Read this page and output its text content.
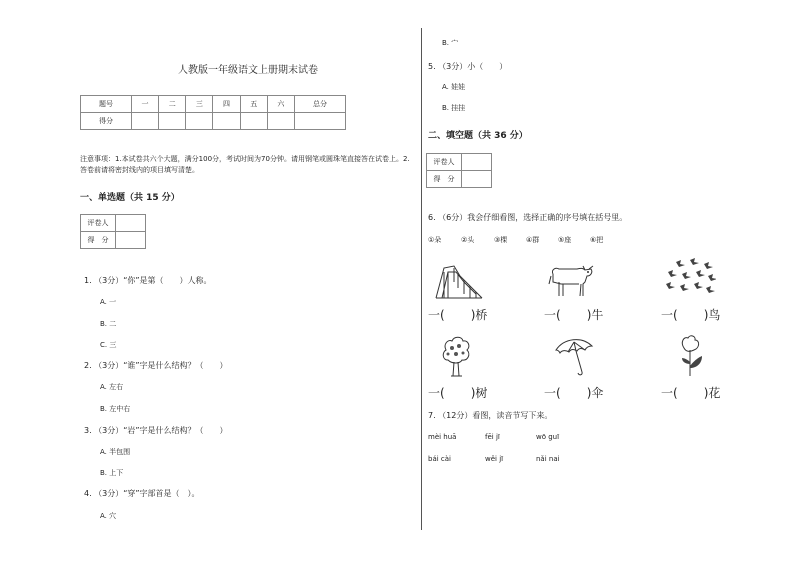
人教版一年级语文上册期末试卷
题号	一	二	三	四	五	六	总分
得分							
注意事项：1.本试卷共六个大题，满分100分，考试时间为70分钟。请用钢笔或圆珠笔直接答在试卷上。2.
答卷前请将密封线内的项目填写清楚。
一、单选题（共 15 分）
评卷人	
得　分	
1. （3分）“你”是第（　　）人称。
A. 一
B. 二
C. 三
2. （3分）“谁”字是什么结构？（　　）
A. 左右
B. 左中右
3. （3分）“岩”字是什么结构？（　　）
A. 半包围
B. 上下
4. （3分）“穿”字部首是（　）。
A. 穴
B. 宀
5. （3分）小（　　）
A. 娃娃
B. 挂挂
二、填空题（共 36 分）
评卷人	
得　分	
6. （6分）我会仔细看图，选择正确的序号填在括号里。
①朵	②头	③棵	④群	⑤座	⑥把
一( )桥	一( )牛	一( )鸟
一( )树	一( )伞	一( )花
7. （12分）看图，读音节写下来。
mèi huā	fēi jī	wō guī
bái cài	wěi jī	nǎi nai
